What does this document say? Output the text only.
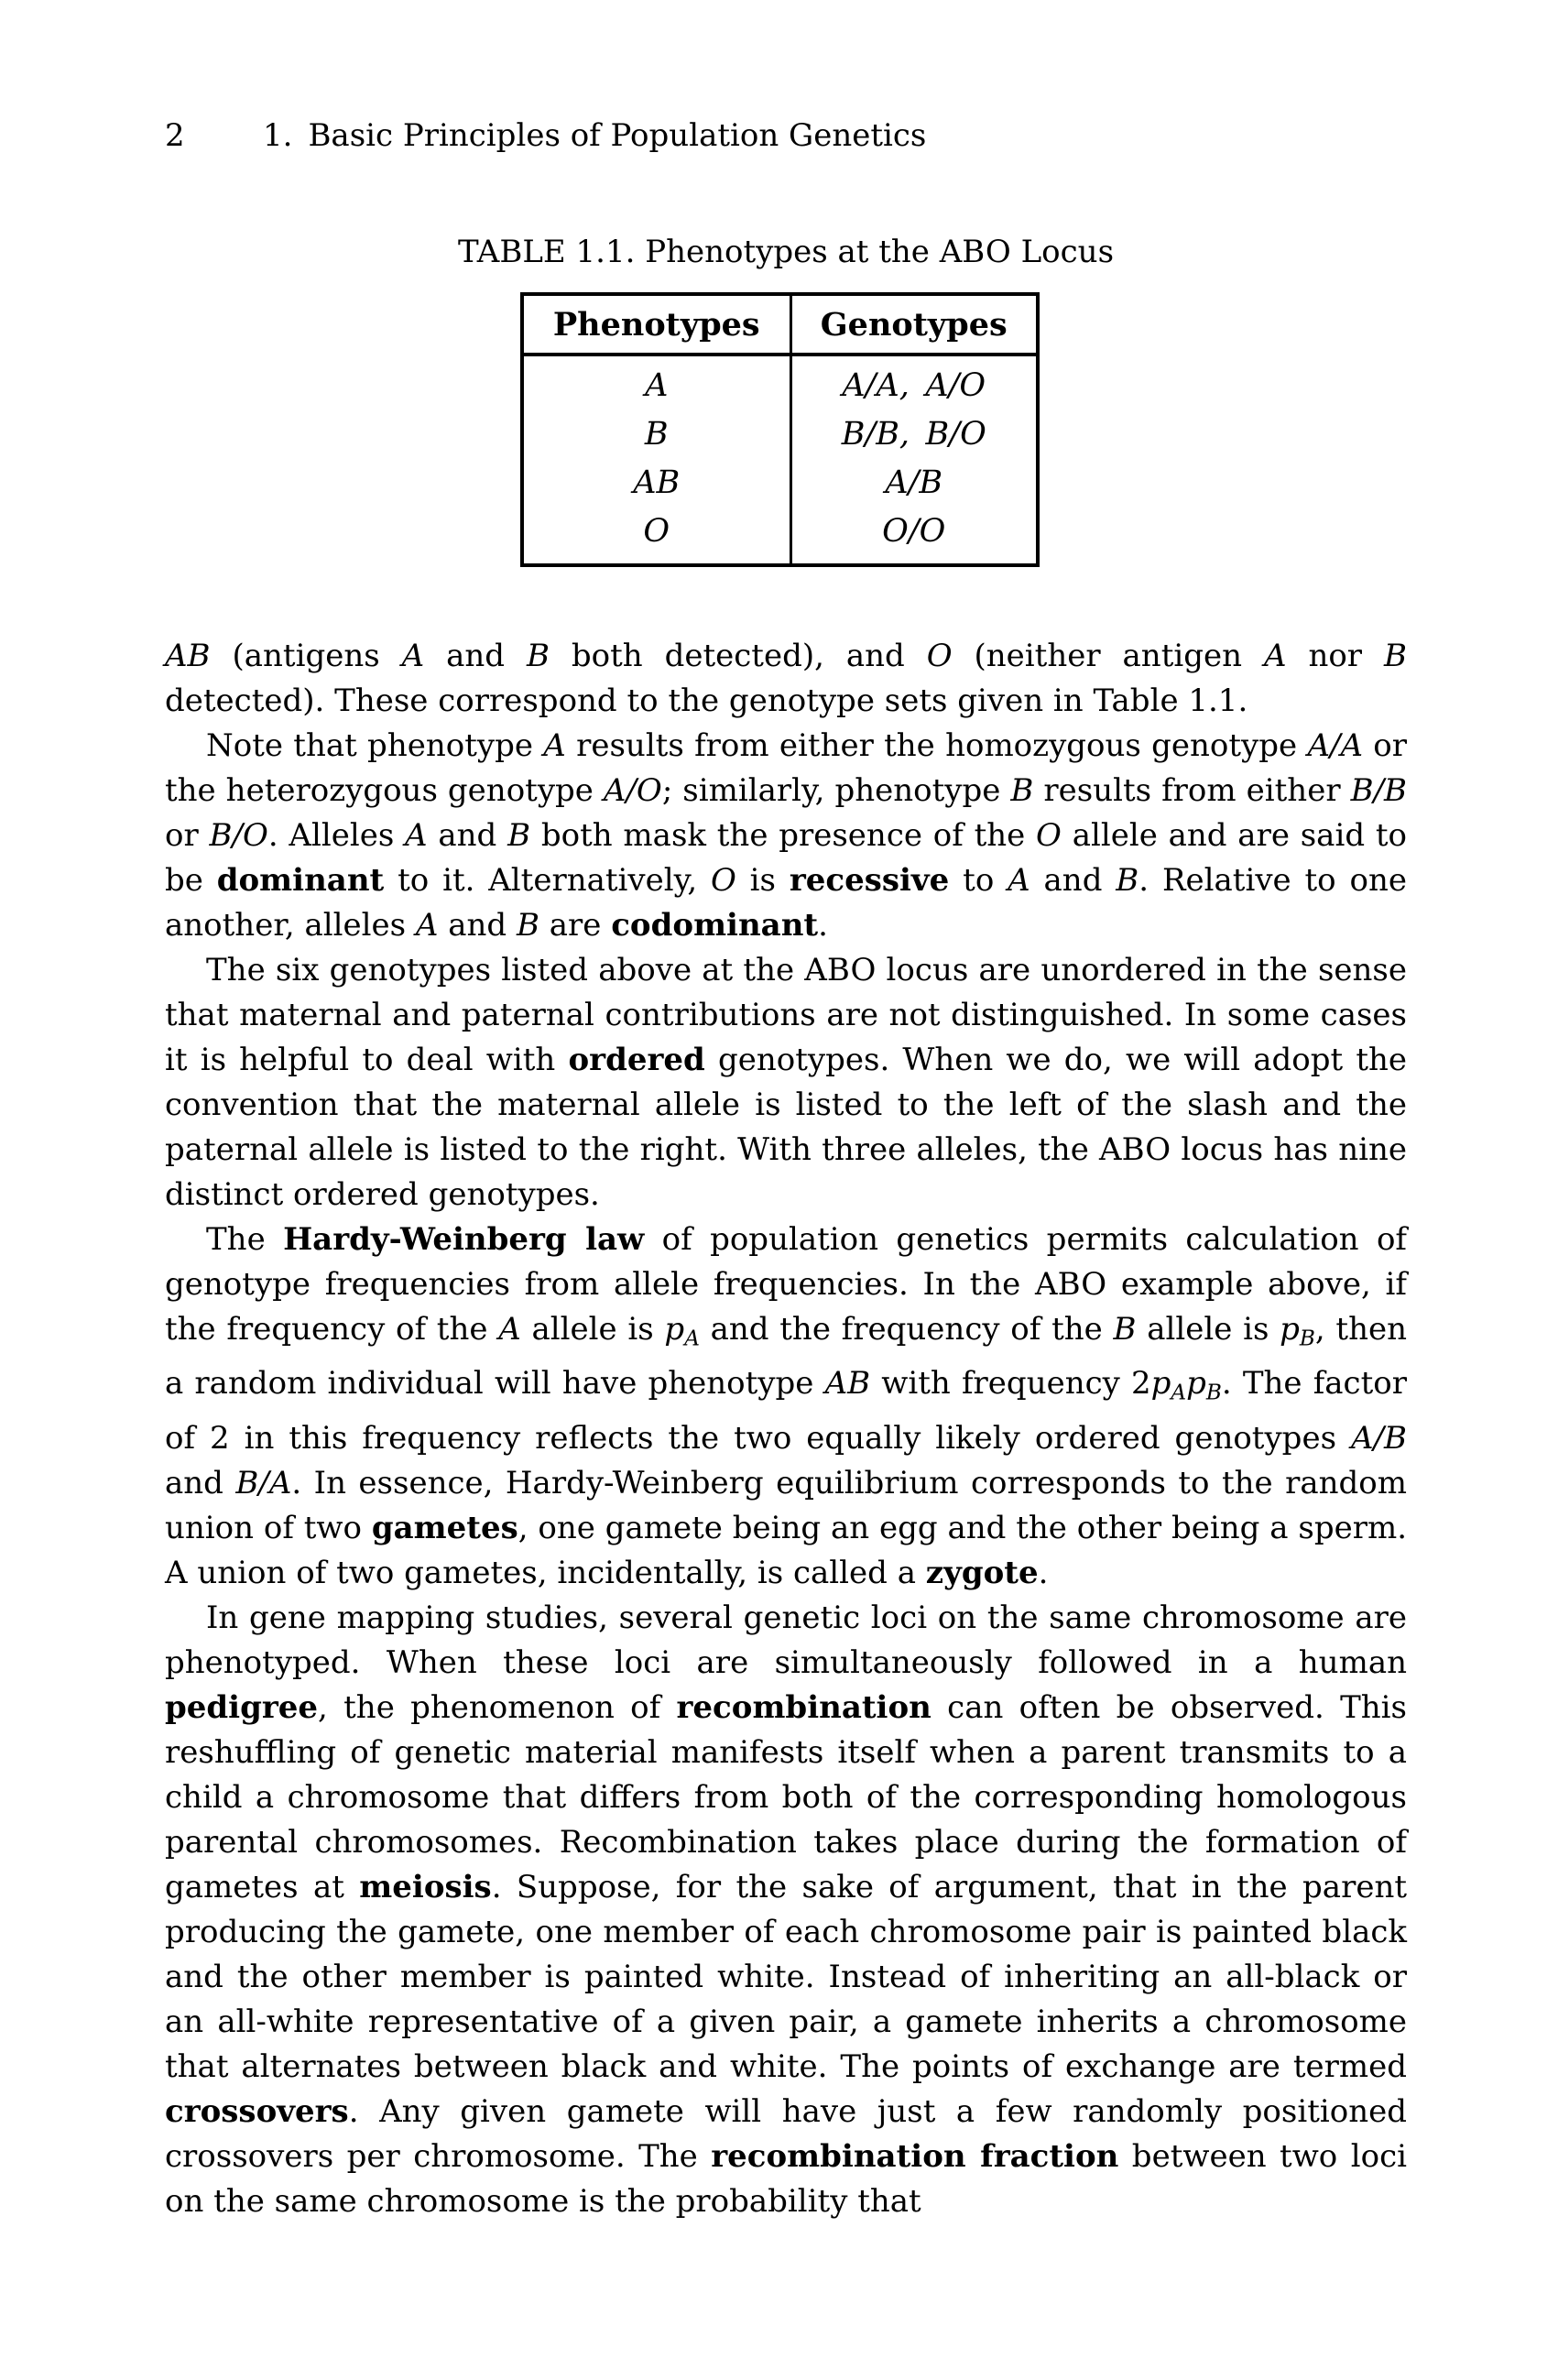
2	1. Basic Principles of Population Genetics
TABLE 1.1. Phenotypes at the ABO Locus
Phenotypes	Genotypes
A	A/A, A/O
B	B/B, B/O
AB	A/B
O	O/O

AB (antigens A and B both detected), and O (neither antigen A nor B detected). These correspond to the genotype sets given in Table 1.1.

Note that phenotype A results from either the homozygous genotype A/A or the heterozygous genotype A/O; similarly, phenotype B results from either B/B or B/O. Alleles A and B both mask the presence of the O allele and are said to be dominant to it. Alternatively, O is recessive to A and B. Relative to one another, alleles A and B are codominant.

The six genotypes listed above at the ABO locus are unordered in the sense that maternal and paternal contributions are not distinguished. In some cases it is helpful to deal with ordered genotypes. When we do, we will adopt the convention that the maternal allele is listed to the left of the slash and the paternal allele is listed to the right. With three alleles, the ABO locus has nine distinct ordered genotypes.

The Hardy-Weinberg law of population genetics permits calculation of genotype frequencies from allele frequencies. In the ABO example above, if the frequency of the A allele is pA and the frequency of the B allele is pB, then a random individual will have phenotype AB with frequency 2pApB. The factor of 2 in this frequency reflects the two equally likely ordered genotypes A/B and B/A. In essence, Hardy-Weinberg equilibrium corresponds to the random union of two gametes, one gamete being an egg and the other being a sperm. A union of two gametes, incidentally, is called a zygote.

In gene mapping studies, several genetic loci on the same chromosome are phenotyped. When these loci are simultaneously followed in a human pedigree, the phenomenon of recombination can often be observed. This reshuffling of genetic material manifests itself when a parent transmits to a child a chromosome that differs from both of the corresponding homologous parental chromosomes. Recombination takes place during the formation of gametes at meiosis. Suppose, for the sake of argument, that in the parent producing the gamete, one member of each chromosome pair is painted black and the other member is painted white. Instead of inheriting an all-black or an all-white representative of a given pair, a gamete inherits a chromosome that alternates between black and white. The points of exchange are termed crossovers. Any given gamete will have just a few randomly positioned crossovers per chromosome. The recombination fraction between two loci on the same chromosome is the probability that
